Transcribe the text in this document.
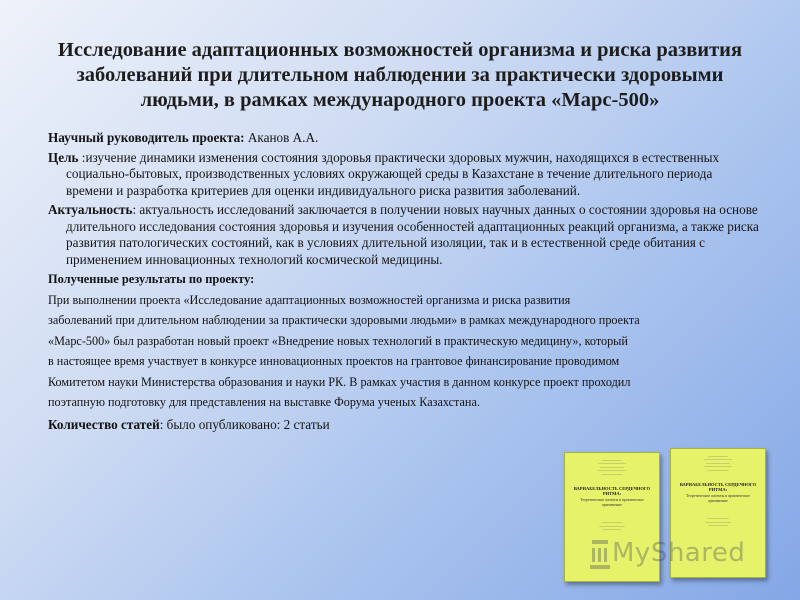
Исследование адаптационных возможностей организма и риска развития заболеваний при длительном наблюдении за практически здоровыми людьми, в рамках международного проекта «Марс-500»

Научный руководитель проекта: Аканов А.А.

Цель :изучение динамики изменения состояния здоровья практически здоровых мужчин, находящихся в естественных социально-бытовых, производственных условиях окружающей среды в Казахстане в течение длительного периода времени и разработка критериев для оценки индивидуального риска развития заболеваний.

Актуальность: актуальность исследований заключается в получении новых научных данных о состоянии здоровья на основе длительного исследования состояния здоровья и изучения особенностей адаптационных реакций организма, а также риска развития патологических состояний, как в условиях длительной изоляции, так и в естественной среде обитания с применением инновационных технологий космической медицины.

Полученные результаты по проекту:
При выполнении проекта «Исследование адаптационных возможностей организма и риска развития
заболеваний при длительном наблюдении за практически здоровыми людьми» в рамках международного проекта
«Марс-500» был разработан новый проект «Внедрение новых технологий в практическую медицину», который
в настоящее время участвует в конкурсе инновационных проектов на грантовое финансирование проводимом
Комитетом науки Министерства образования и науки РК. В рамках участия в данном конкурсе проект проходил
поэтапную подготовку для представления на выставке Форума ученых Казахстана.

Количество статей: было опубликовано: 2 статьи

─────────
─────────────
───────────
─────────────
──────────
ВАРИАБЕЛЬНОСТЬ СЕРДЕЧНОГО РИТМА:
Теоретические аспекты и практическое применение
──────────
────────────
─────────
─────────
─────────────
───────────
─────────────
──────────
ВАРИАБЕЛЬНОСТЬ СЕРДЕЧНОГО РИТМА:
Теоретические аспекты и практическое применение
──────────
────────────
─────────
MyShared
